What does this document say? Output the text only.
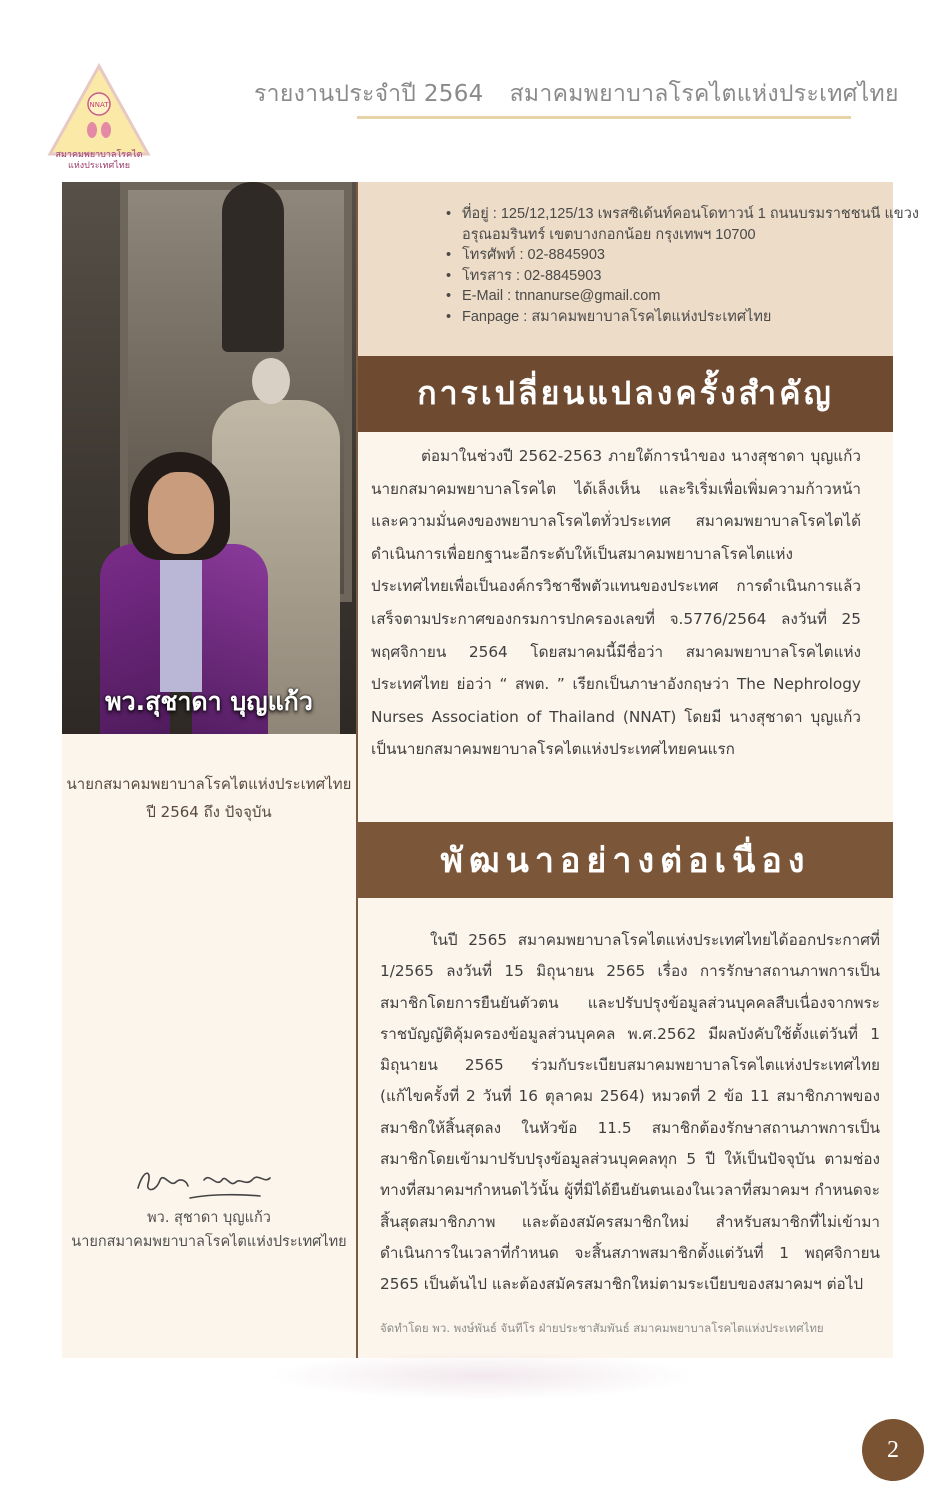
NNAT
สมาคมพยาบาลโรคไต
แห่งประเทศไทย
รายงานประจำปี 2564 สมาคมพยาบาลโรคไตแห่งประเทศไทย
พว.สุชาดา บุญแก้ว
นายกสมาคมพยาบาลโรคไตแห่งประเทศไทย
ปี 2564 ถึง ปัจจุบัน
พว. สุชาดา บุญแก้ว
นายกสมาคมพยาบาลโรคไตแห่งประเทศไทย
• ที่อยู่ : 125/12,125/13 เพรสซิเด้นท์คอนโดทาวน์ 1 ถนนบรมราชชนนี แขวงอรุณอมรินทร์ เขตบางกอกน้อย กรุงเทพฯ 10700
• โทรศัพท์ : 02-8845903
• โทรสาร : 02-8845903
• E-Mail : tnnanurse@gmail.com
• Fanpage : สมาคมพยาบาลโรคไตแห่งประเทศไทย
การเปลี่ยนแปลงครั้งสำคัญ
ต่อมาในช่วงปี 2562-2563 ภายใต้การนำของ นางสุชาดา บุญแก้ว นายกสมาคมพยาบาลโรคไต ได้เล็งเห็น และริเริ่มเพื่อเพิ่มความก้าวหน้า และความมั่นคงของพยาบาลโรคไตทั่วประเทศ สมาคมพยาบาลโรคไตได้ดำเนินการเพื่อยกฐานะอีกระดับให้เป็นสมาคมพยาบาลโรคไตแห่งประเทศไทยเพื่อเป็นองค์กรวิชาชีพตัวแทนของประเทศ การดำเนินการแล้วเสร็จตามประกาศของกรมการปกครองเลขที่ จ.5776/2564 ลงวันที่ 25 พฤศจิกายน 2564 โดยสมาคมนี้มีชื่อว่า สมาคมพยาบาลโรคไตแห่งประเทศไทย ย่อว่า “ สพต. ” เรียกเป็นภาษาอังกฤษว่า The Nephrology Nurses Association of Thailand (NNAT) โดยมี นางสุชาดา บุญแก้ว เป็นนายกสมาคมพยาบาลโรคไตแห่งประเทศไทยคนแรก
พัฒนาอย่างต่อเนื่อง
ในปี 2565 สมาคมพยาบาลโรคไตแห่งประเทศไทยได้ออกประกาศที่ 1/2565 ลงวันที่ 15 มิถุนายน 2565 เรื่อง การรักษาสถานภาพการเป็นสมาชิกโดยการยืนยันตัวตน และปรับปรุงข้อมูลส่วนบุคคลสืบเนื่องจากพระราชบัญญัติคุ้มครองข้อมูลส่วนบุคคล พ.ศ.2562 มีผลบังคับใช้ตั้งแต่วันที่ 1 มิถุนายน 2565 ร่วมกับระเบียบสมาคมพยาบาลโรคไตแห่งประเทศไทย (แก้ไขครั้งที่ 2 วันที่ 16 ตุลาคม 2564) หมวดที่ 2 ข้อ 11 สมาชิกภาพของสมาชิกให้สิ้นสุดลง ในหัวข้อ 11.5 สมาชิกต้องรักษาสถานภาพการเป็นสมาชิกโดยเข้ามาปรับปรุงข้อมูลส่วนบุคคลทุก 5 ปี ให้เป็นปัจจุบัน ตามช่องทางที่สมาคมฯกำหนดไว้นั้น ผู้ที่มิได้ยืนยันตนเองในเวลาที่สมาคมฯ กำหนดจะสิ้นสุดสมาชิกภาพ และต้องสมัครสมาชิกใหม่ สำหรับสมาชิกที่ไม่เข้ามาดำเนินการในเวลาที่กำหนด จะสิ้นสภาพสมาชิกตั้งแต่วันที่ 1 พฤศจิกายน 2565 เป็นต้นไป และต้องสมัครสมาชิกใหม่ตามระเบียบของสมาคมฯ ต่อไป
จัดทำโดย พว. พงษ์พันธ์ จันทีโร ฝ่ายประชาสัมพันธ์ สมาคมพยาบาลโรคไตแห่งประเทศไทย
2
